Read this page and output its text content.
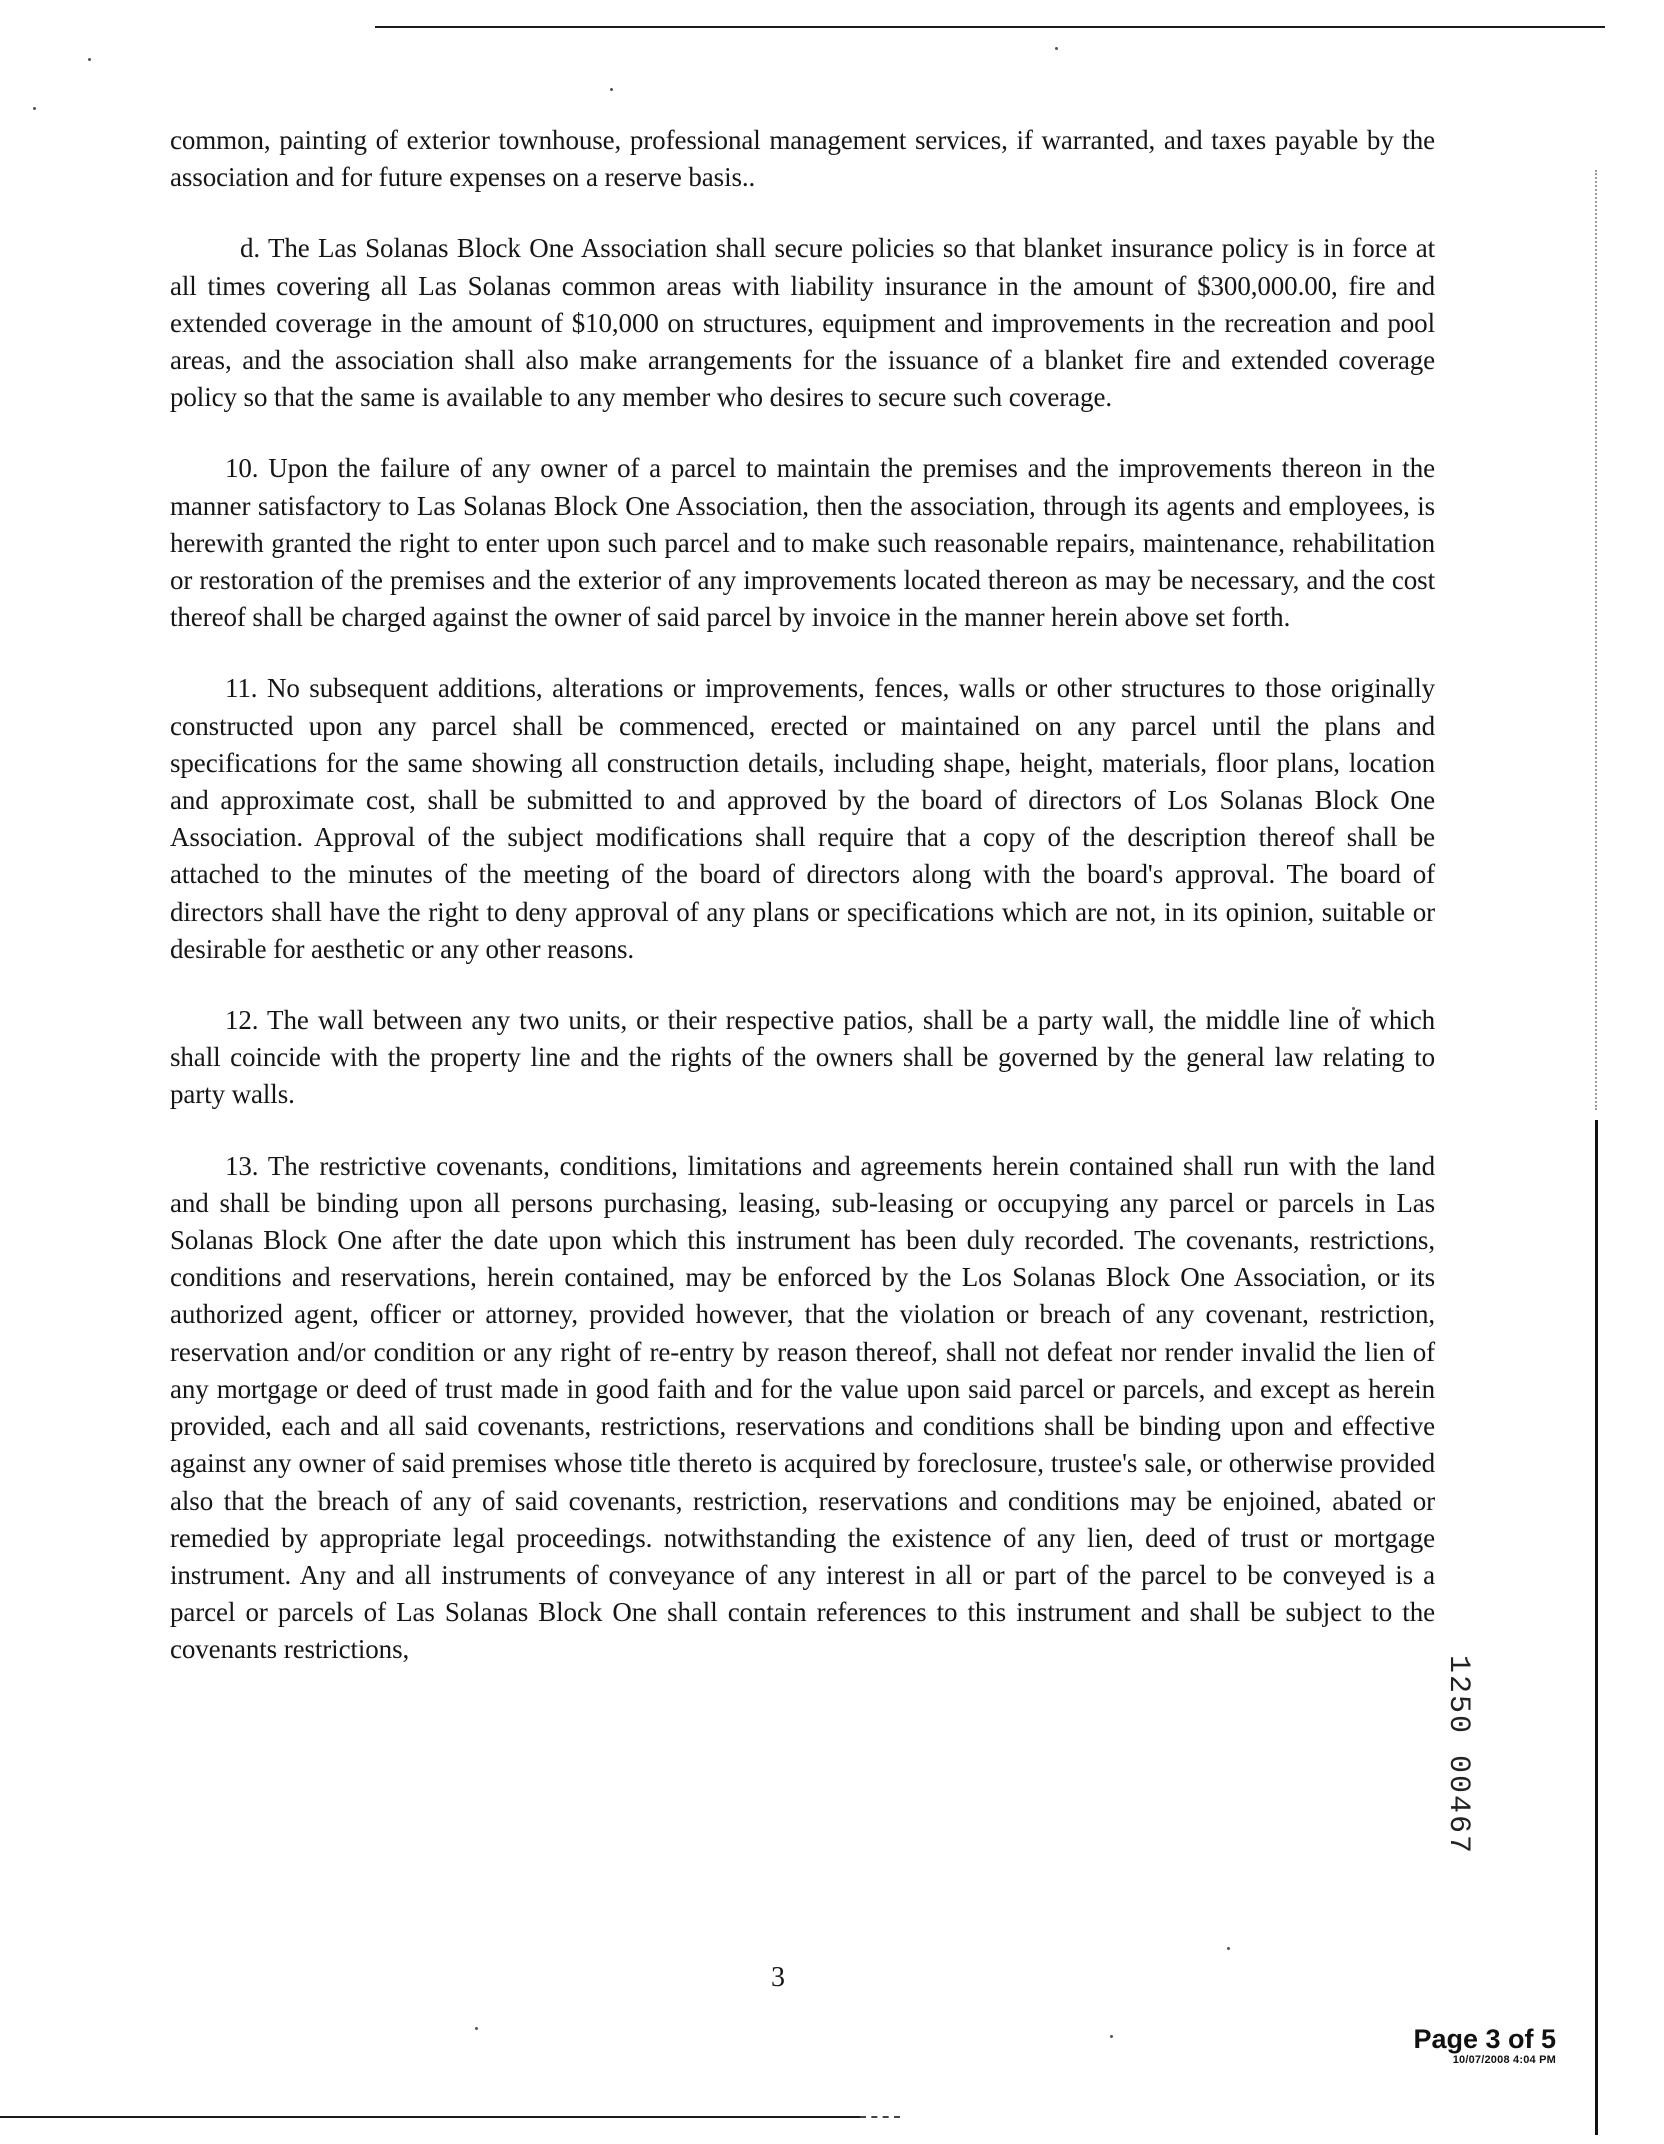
common, painting of exterior townhouse, professional management services, if warranted, and taxes payable by the association and for future expenses on a reserve basis..

d. The Las Solanas Block One Association shall secure policies so that blanket insurance policy is in force at all times covering all Las Solanas common areas with liability insurance in the amount of $300,000.00, fire and extended coverage in the amount of $10,000 on structures, equipment and improvements in the recreation and pool areas, and the association shall also make arrangements for the issuance of a blanket fire and extended coverage policy so that the same is available to any member who desires to secure such coverage.

10. Upon the failure of any owner of a parcel to maintain the premises and the improvements thereon in the manner satisfactory to Las Solanas Block One Association, then the association, through its agents and employees, is herewith granted the right to enter upon such parcel and to make such reasonable repairs, maintenance, rehabilitation or restoration of the premises and the exterior of any improvements located thereon as may be necessary, and the cost thereof shall be charged against the owner of said parcel by invoice in the manner herein above set forth.

11. No subsequent additions, alterations or improvements, fences, walls or other structures to those originally constructed upon any parcel shall be commenced, erected or maintained on any parcel until the plans and specifications for the same showing all construction details, including shape, height, materials, floor plans, location and approximate cost, shall be submitted to and approved by the board of directors of Los Solanas Block One Association. Approval of the subject modifications shall require that a copy of the description thereof shall be attached to the minutes of the meeting of the board of directors along with the board's approval. The board of directors shall have the right to deny approval of any plans or specifications which are not, in its opinion, suitable or desirable for aesthetic or any other reasons.

12. The wall between any two units, or their respective patios, shall be a party wall, the middle line of which shall coincide with the property line and the rights of the owners shall be governed by the general law relating to party walls.

13. The restrictive covenants, conditions, limitations and agreements herein contained shall run with the land and shall be binding upon all persons purchasing, leasing, sub-leasing or occupying any parcel or parcels in Las Solanas Block One after the date upon which this instrument has been duly recorded. The covenants, restrictions, conditions and reservations, herein contained, may be enforced by the Los Solanas Block One Association, or its authorized agent, officer or attorney, provided however, that the violation or breach of any covenant, restriction, reservation and/or condition or any right of re-entry by reason thereof, shall not defeat nor render invalid the lien of any mortgage or deed of trust made in good faith and for the value upon said parcel or parcels, and except as herein provided, each and all said covenants, restrictions, reservations and conditions shall be binding upon and effective against any owner of said premises whose title thereto is acquired by foreclosure, trustee's sale, or otherwise provided also that the breach of any of said covenants, restriction, reservations and conditions may be enjoined, abated or remedied by appropriate legal proceedings. notwithstanding the existence of any lien, deed of trust or mortgage instrument. Any and all instruments of conveyance of any interest in all or part of the parcel to be conveyed is a parcel or parcels of Las Solanas Block One shall contain references to this instrument and shall be subject to the covenants restrictions,

3
1250 00467
Page 3 of 5
10/07/2008 4:04 PM
